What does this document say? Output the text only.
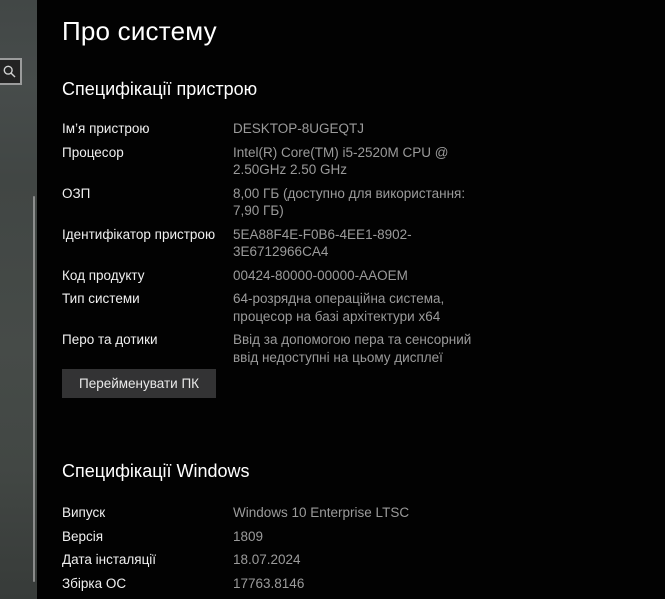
Про систему
Специфікації пристрою
Ім’я пристрою	DESKTOP-8UGEQTJ
Процесор	Intel(R) Core(TM) i5-2520M CPU @ 2.50GHz 2.50 GHz
ОЗП	8,00 ГБ (доступно для використання: 7,90 ГБ)
Ідентифікатор пристрою	5EA88F4E-F0B6-4EE1-8902-3E6712966CA4
Код продукту	00424-80000-00000-AAOEM
Тип системи	64-розрядна операційна система, процесор на базі архітектури x64
Перо та дотики	Ввід за допомогою пера та сенсорний ввід недоступні на цьому дисплеї
Перейменувати ПК
Специфікації Windows
Випуск	Windows 10 Enterprise LTSC
Версія	1809
Дата інсталяції	18.07.2024
Збірка ОС	17763.8146
